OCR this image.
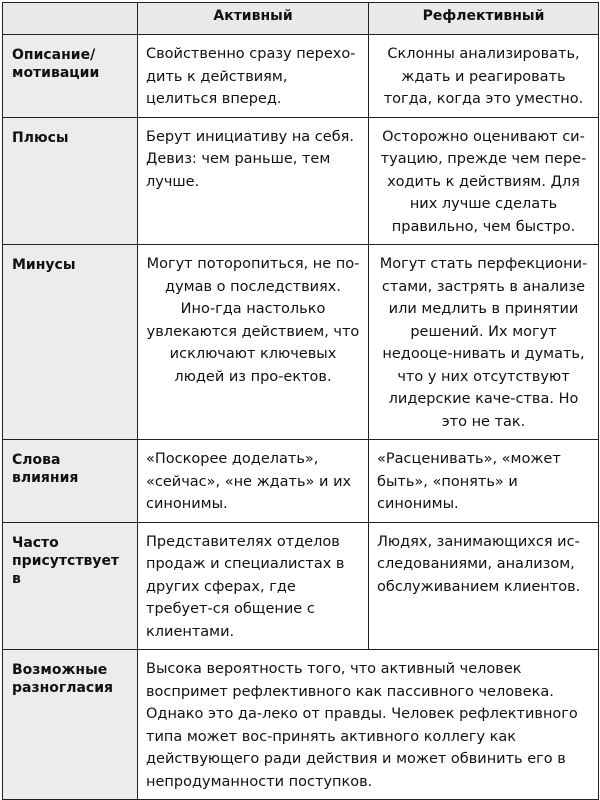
	Активный	Рефлективный
Описание/ мотивации	Свойственно сразу перехо-дить к действиям, целиться вперед.	Склонны анализировать, ждать и реагировать тогда, когда это уместно.
Плюсы	Берут инициативу на себя. Девиз: чем раньше, тем лучше.	Осторожно оценивают си-туацию, прежде чем пере-ходить к действиям. Для них лучше сделать правильно, чем быстро.
Минусы	Могут поторопиться, не по-думав о последствиях. Ино-гда настолько увлекаются действием, что исключают ключевых людей из про-ектов.	Могут стать перфекциони-стами, застрять в анализе или медлить в принятии решений. Их могут недооце-нивать и думать, что у них отсутствуют лидерские каче-ства. Но это не так.
Слова влияния	«Поскорее доделать», «сейчас», «не ждать» и их синонимы.	«Расценивать», «может быть», «понять» и синонимы.
Часто присутствует в	Представителях отделов продаж и специалистах в других сферах, где требует-ся общение с клиентами.	Людях, занимающихся ис-следованиями, анализом, обслуживанием клиентов.
Возможные разногласия	Высока вероятность того, что активный человек воспримет рефлективного как пассивного человека. Однако это да-леко от правды. Человек рефлективного типа может вос-принять активного коллегу как действующего ради действия и может обвинить его в непродуманности поступков.	
